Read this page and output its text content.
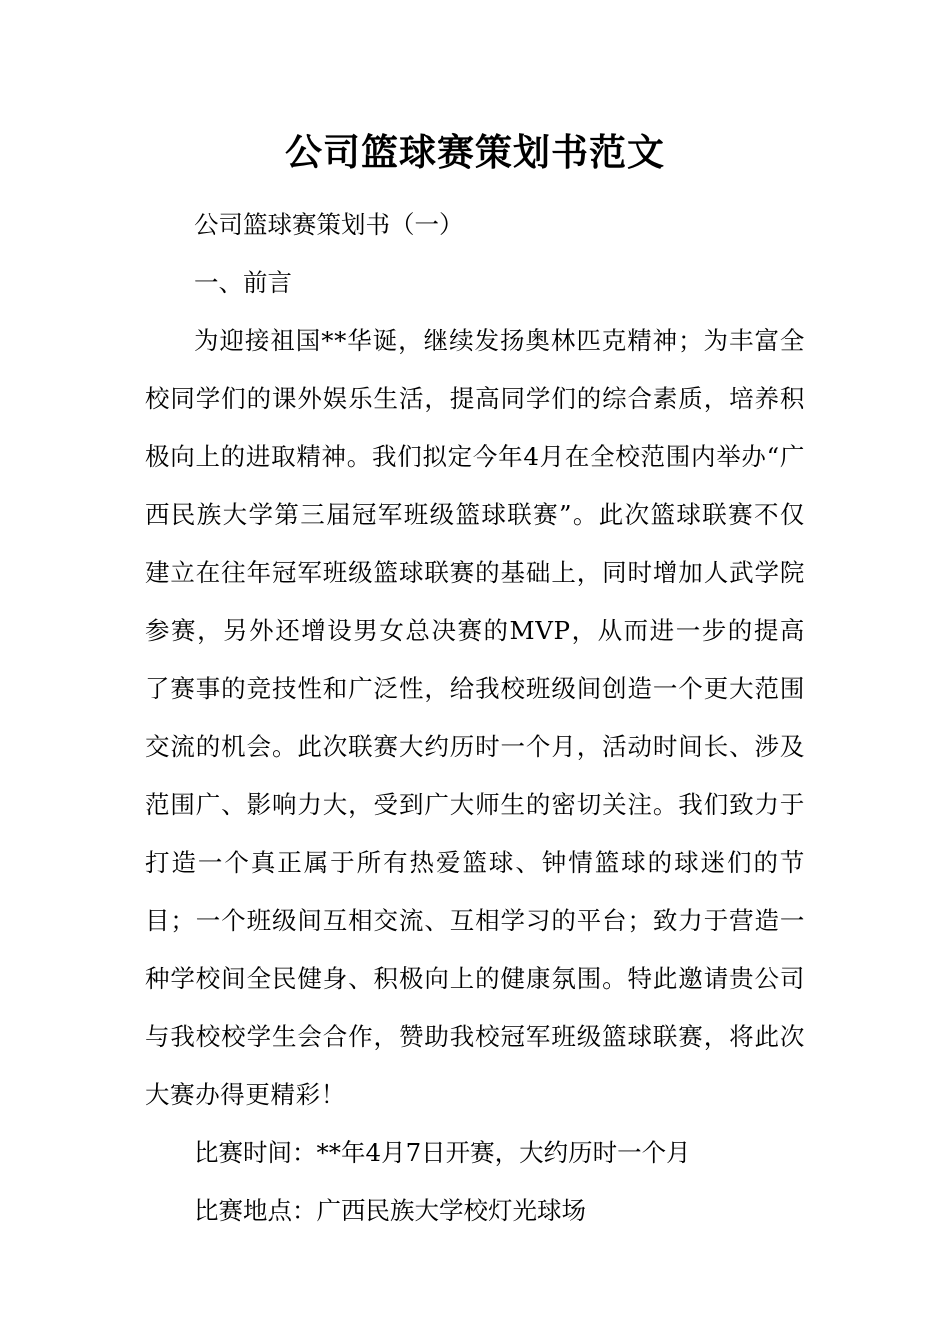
公司篮球赛策划书范文

公司篮球赛策划书（一）

一、前言

为迎接祖国**华诞，继续发扬奥林匹克精神；为丰富全校同学们的课外娱乐生活，提高同学们的综合素质，培养积极向上的进取精神。我们拟定今年4月在全校范围内举办“广西民族大学第三届冠军班级篮球联赛”。此次篮球联赛不仅建立在往年冠军班级篮球联赛的基础上，同时增加人武学院参赛，另外还增设男女总决赛的MVP，从而进一步的提高了赛事的竞技性和广泛性，给我校班级间创造一个更大范围交流的机会。此次联赛大约历时一个月，活动时间长、涉及范围广、影响力大，受到广大师生的密切关注。我们致力于打造一个真正属于所有热爱篮球、钟情篮球的球迷们的节目；一个班级间互相交流、互相学习的平台；致力于营造一种学校间全民健身、积极向上的健康氛围。特此邀请贵公司与我校校学生会合作，赞助我校冠军班级篮球联赛，将此次大赛办得更精彩！

比赛时间：**年4月7日开赛，大约历时一个月

比赛地点：广西民族大学校灯光球场
